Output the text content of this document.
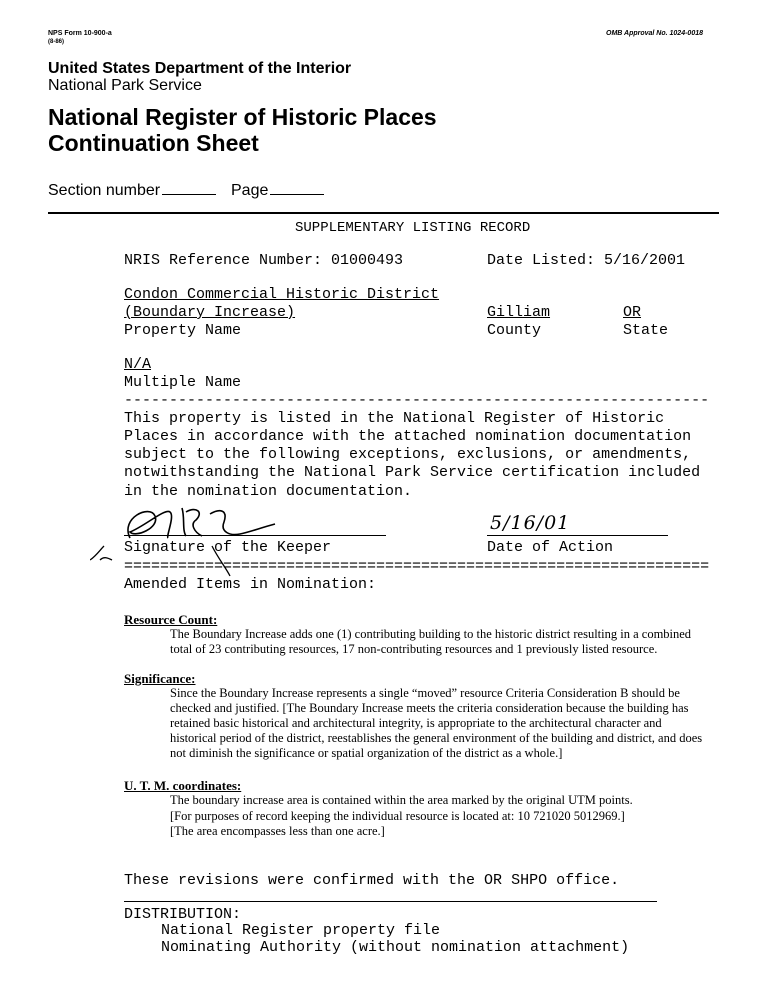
NPS Form 10-900-a
(8-86)
OMB Approval No. 1024-0018
United States Department of the Interior
National Park Service
National Register of Historic Places
Continuation Sheet
Section number	Page
SUPPLEMENTARY LISTING RECORD
NRIS Reference Number: 01000493	Date Listed: 5/16/2001
Condon Commercial Historic District
(Boundary Increase)
Property Name
Gilliam
County
OR
State
N/A
Multiple Name
-----------------------------------------------------------------
This property is listed in the National Register of Historic
Places in accordance with the attached nomination documentation
subject to the following exceptions, exclusions, or amendments,
notwithstanding the National Park Service certification included
in the nomination documentation.
Signature of the Keeper
5/16/01
Date of Action
=================================================================
Amended Items in Nomination:
Resource Count:
The Boundary Increase adds one (1) contributing building to the historic district resulting in a combined
total of 23 contributing resources, 17 non-contributing resources and 1 previously listed resource.
Significance:
Since the Boundary Increase represents a single “moved” resource Criteria Consideration B should be
checked and justified. [The Boundary Increase meets the criteria consideration because the building has
retained basic historical and architectural integrity, is appropriate to the architectural character and
historical period of the district, reestablishes the general environment of the building and district, and does
not diminish the significance or spatial organization of the district as a whole.]
U. T. M. coordinates:
The boundary increase area is contained within the area marked by the original UTM points.
[For purposes of record keeping the individual resource is located at: 10 721020 5012969.]
[The area encompasses less than one acre.]
These revisions were confirmed with the OR SHPO office.
DISTRIBUTION:
National Register property file
Nominating Authority (without nomination attachment)
